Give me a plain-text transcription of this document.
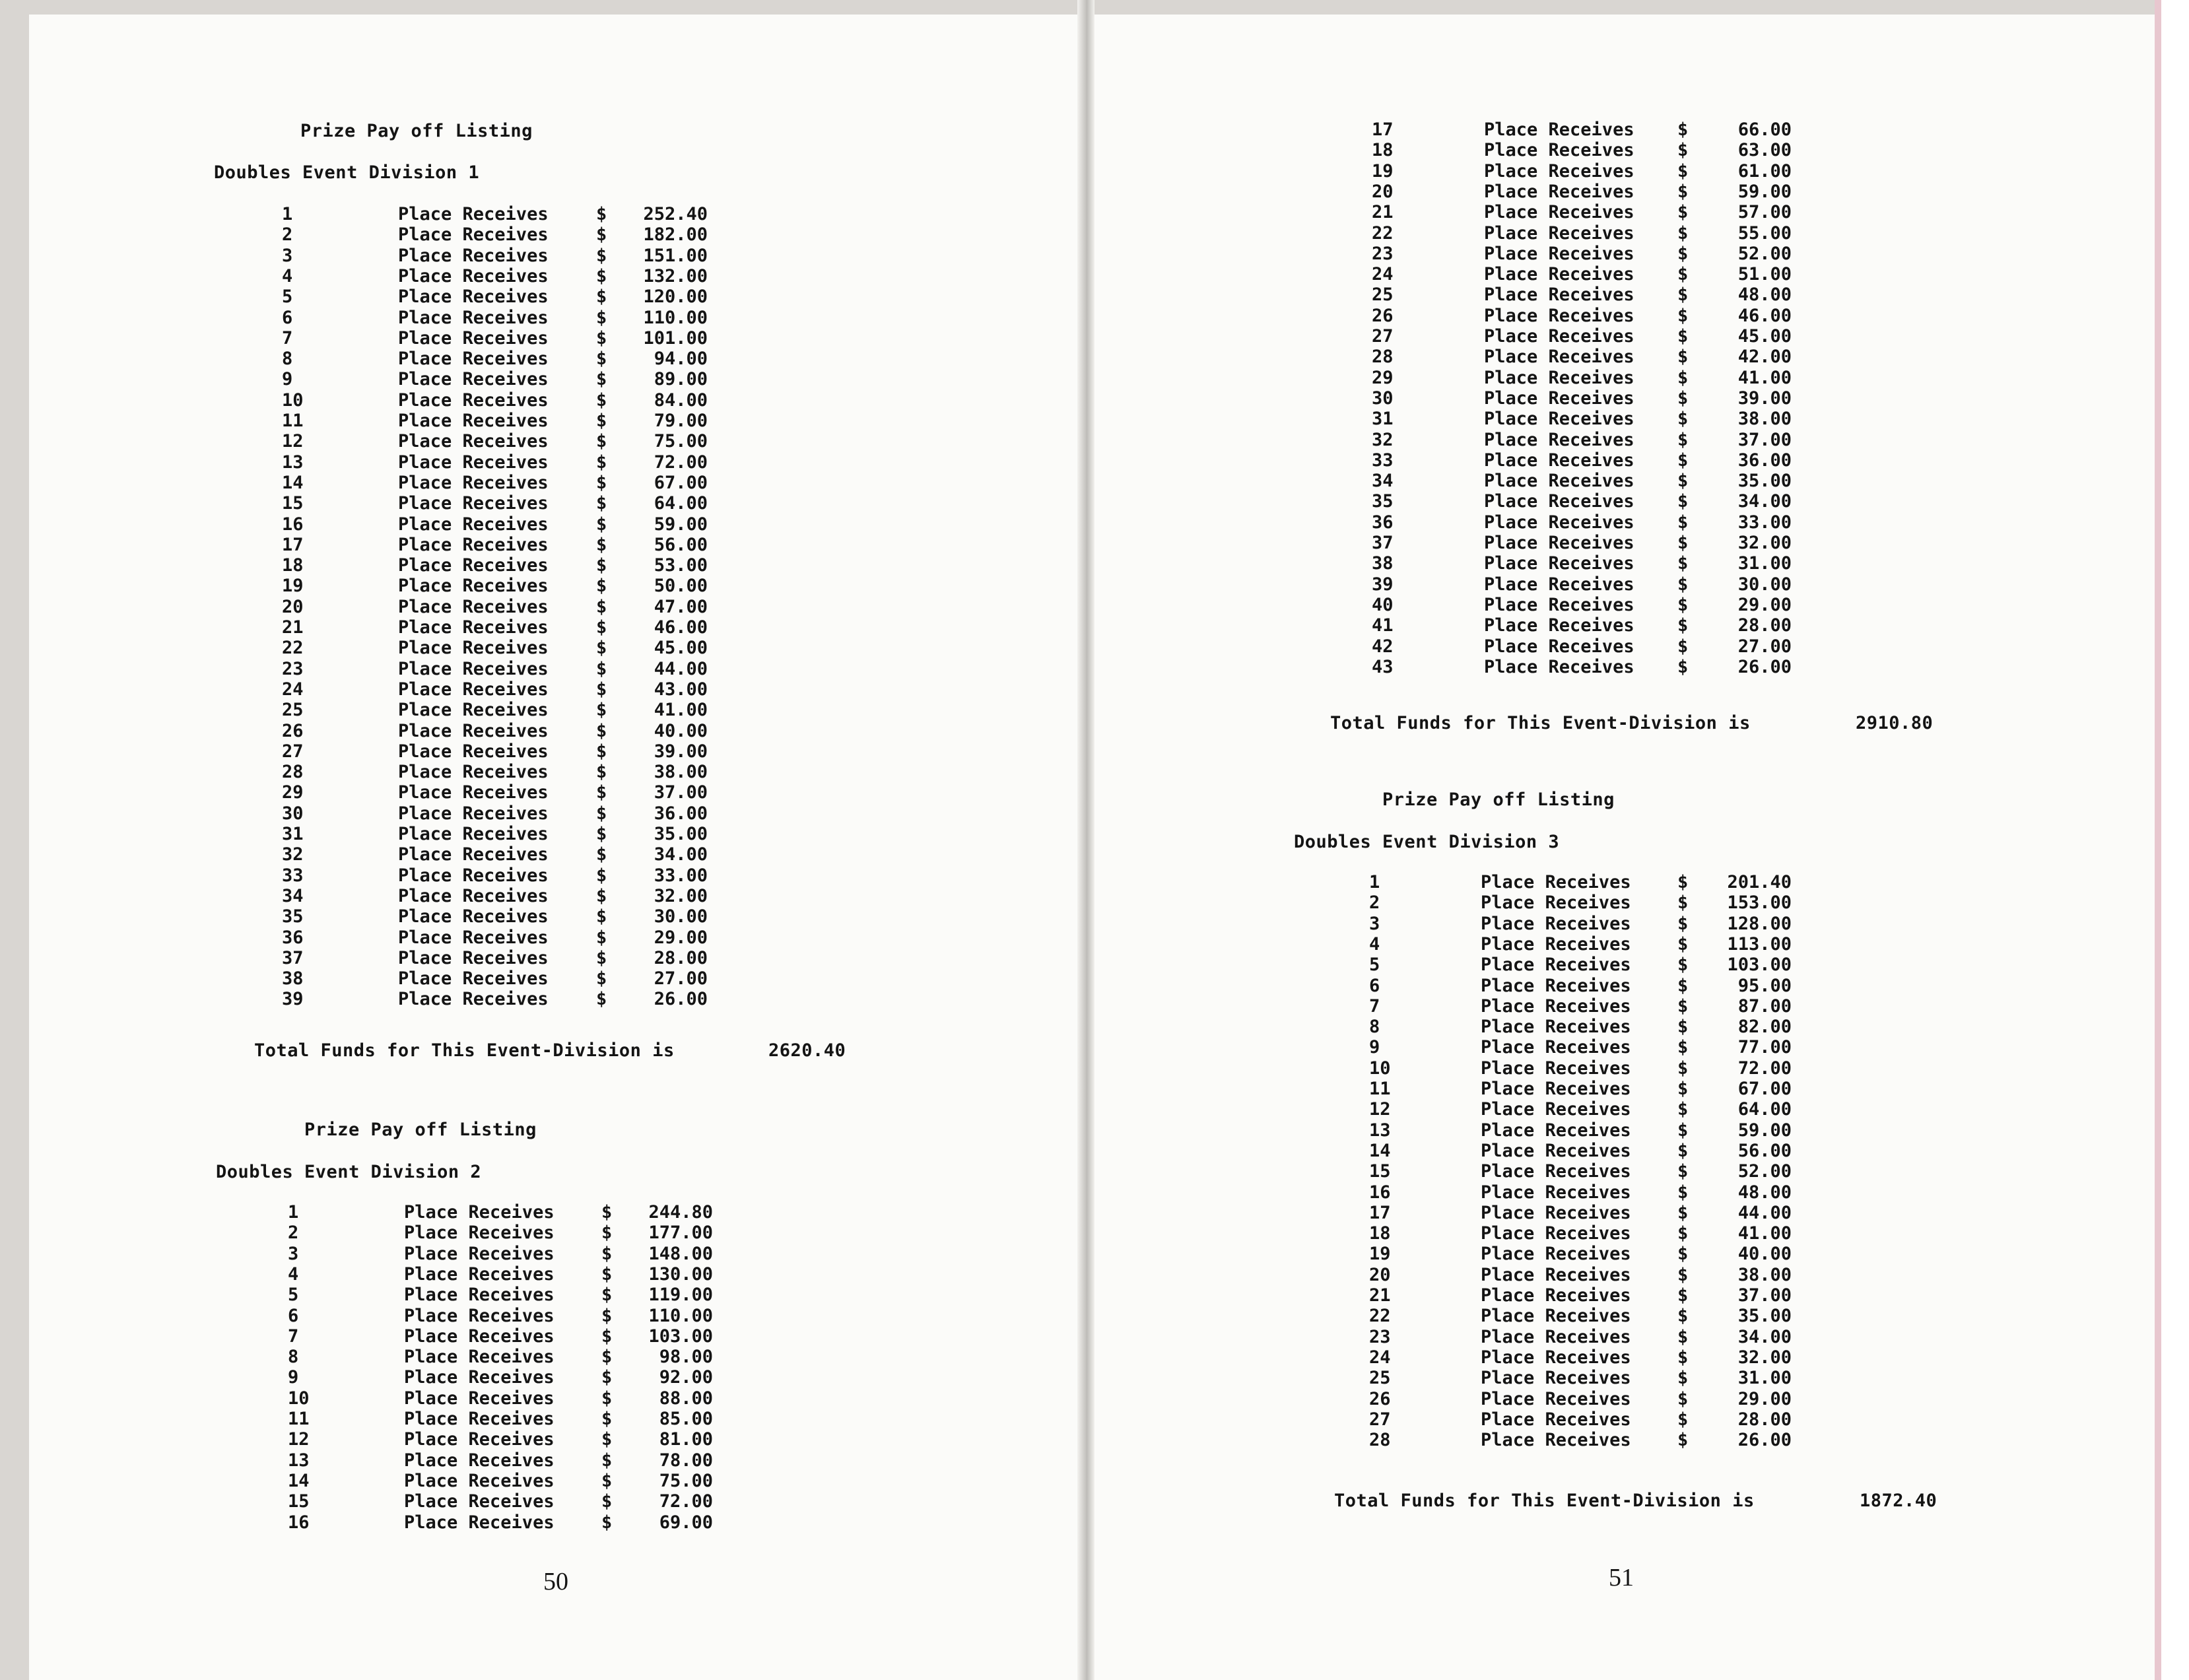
Prize Pay off Listing
Doubles Event Division 1
1	Place Receives	$	252.40
2	Place Receives	$	182.00
3	Place Receives	$	151.00
4	Place Receives	$	132.00
5	Place Receives	$	120.00
6	Place Receives	$	110.00
7	Place Receives	$	101.00
8	Place Receives	$	94.00
9	Place Receives	$	89.00
10	Place Receives	$	84.00
11	Place Receives	$	79.00
12	Place Receives	$	75.00
13	Place Receives	$	72.00
14	Place Receives	$	67.00
15	Place Receives	$	64.00
16	Place Receives	$	59.00
17	Place Receives	$	56.00
18	Place Receives	$	53.00
19	Place Receives	$	50.00
20	Place Receives	$	47.00
21	Place Receives	$	46.00
22	Place Receives	$	45.00
23	Place Receives	$	44.00
24	Place Receives	$	43.00
25	Place Receives	$	41.00
26	Place Receives	$	40.00
27	Place Receives	$	39.00
28	Place Receives	$	38.00
29	Place Receives	$	37.00
30	Place Receives	$	36.00
31	Place Receives	$	35.00
32	Place Receives	$	34.00
33	Place Receives	$	33.00
34	Place Receives	$	32.00
35	Place Receives	$	30.00
36	Place Receives	$	29.00
37	Place Receives	$	28.00
38	Place Receives	$	27.00
39	Place Receives	$	26.00
Total Funds for This Event-Division is	2620.40
Prize Pay off Listing
Doubles Event Division 2
1	Place Receives	$	244.80
2	Place Receives	$	177.00
3	Place Receives	$	148.00
4	Place Receives	$	130.00
5	Place Receives	$	119.00
6	Place Receives	$	110.00
7	Place Receives	$	103.00
8	Place Receives	$	98.00
9	Place Receives	$	92.00
10	Place Receives	$	88.00
11	Place Receives	$	85.00
12	Place Receives	$	81.00
13	Place Receives	$	78.00
14	Place Receives	$	75.00
15	Place Receives	$	72.00
16	Place Receives	$	69.00
50
17	Place Receives $	66.00
18	Place Receives $	63.00
19	Place Receives $	61.00
20	Place Receives $	59.00
21	Place Receives $	57.00
22	Place Receives $	55.00
23	Place Receives $	52.00
24	Place Receives $	51.00
25	Place Receives $	48.00
26	Place Receives $	46.00
27	Place Receives $	45.00
28	Place Receives $	42.00
29	Place Receives $	41.00
30	Place Receives $	39.00
31	Place Receives $	38.00
32	Place Receives $	37.00
33	Place Receives $	36.00
34	Place Receives $	35.00
35	Place Receives $	34.00
36	Place Receives $	33.00
37	Place Receives $	32.00
38	Place Receives $	31.00
39	Place Receives $	30.00
40	Place Receives $	29.00
41	Place Receives $	28.00
42	Place Receives $	27.00
43	Place Receives $	26.00
Total Funds for This Event-Division is	2910.80
Prize Pay off Listing
Doubles Event Division 3
1	Place Receives	$	201.40
2	Place Receives	$	153.00
3	Place Receives	$	128.00
4	Place Receives	$	113.00
5	Place Receives	$	103.00
6	Place Receives	$	95.00
7	Place Receives	$	87.00
8	Place Receives	$	82.00
9	Place Receives	$	77.00
10	Place Receives	$	72.00
11	Place Receives	$	67.00
12	Place Receives	$	64.00
13	Place Receives	$	59.00
14	Place Receives	$	56.00
15	Place Receives	$	52.00
16	Place Receives	$	48.00
17	Place Receives	$	44.00
18	Place Receives	$	41.00
19	Place Receives	$	40.00
20	Place Receives	$	38.00
21	Place Receives	$	37.00
22	Place Receives	$	35.00
23	Place Receives	$	34.00
24	Place Receives	$	32.00
25	Place Receives	$	31.00
26	Place Receives	$	29.00
27	Place Receives	$	28.00
28	Place Receives	$	26.00
Total Funds for This Event-Division is	1872.40
51
